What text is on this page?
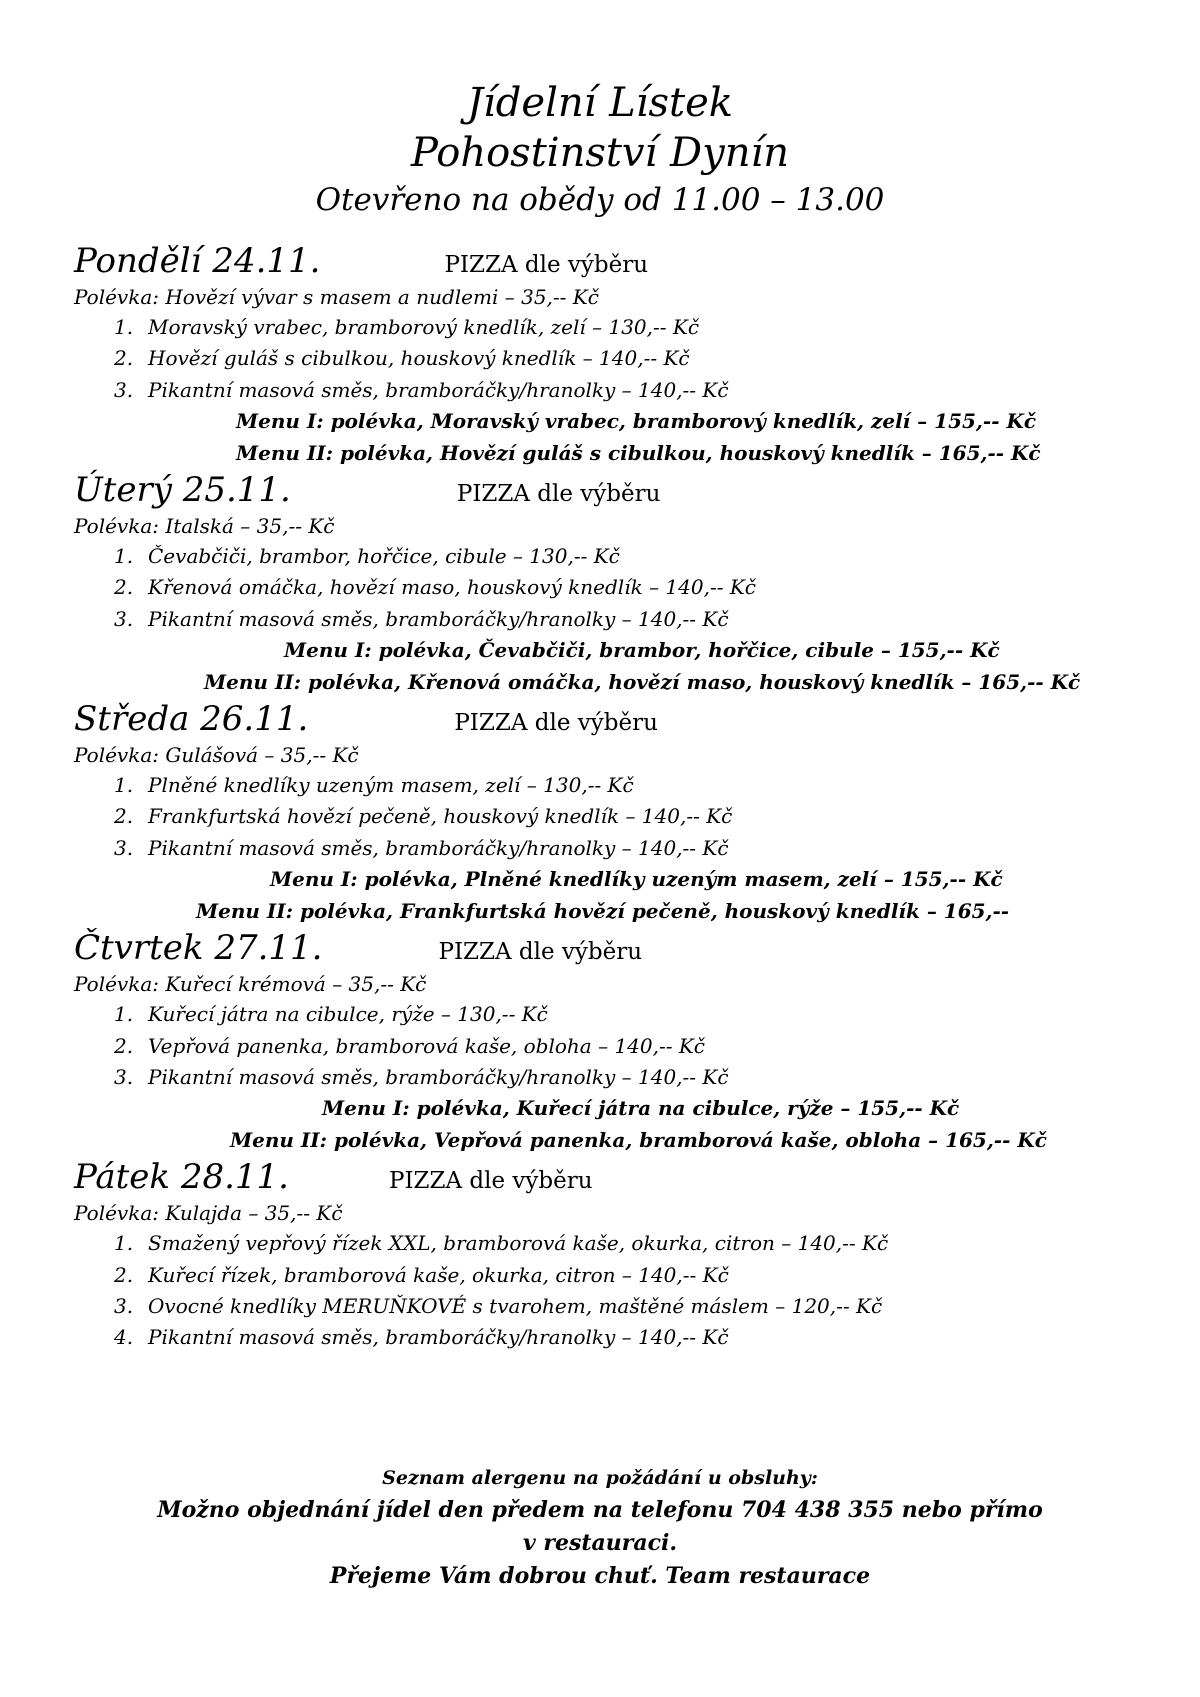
Jídelní Lístek
Pohostinství Dynín
Otevřeno na obědy od 11.00 – 13.00
Pondělí 24.11.	PIZZA dle výběru
Polévka: Hovězí vývar s masem a nudlemi – 35,-- Kč
1. Moravský vrabec, bramborový knedlík, zelí – 130,-- Kč
2. Hovězí guláš s cibulkou, houskový knedlík – 140,-- Kč
3. Pikantní masová směs, bramboráčky/hranolky – 140,-- Kč
Menu I: polévka, Moravský vrabec, bramborový knedlík, zelí – 155,-- Kč
Menu II: polévka, Hovězí guláš s cibulkou, houskový knedlík – 165,-- Kč
Úterý 25.11.	PIZZA dle výběru
Polévka: Italská – 35,-- Kč
1. Čevabčiči, brambor, hořčice, cibule – 130,-- Kč
2. Křenová omáčka, hovězí maso, houskový knedlík – 140,-- Kč
3. Pikantní masová směs, bramboráčky/hranolky – 140,-- Kč
Menu I: polévka, Čevabčiči, brambor, hořčice, cibule – 155,-- Kč
Menu II: polévka, Křenová omáčka, hovězí maso, houskový knedlík – 165,-- Kč
Středa 26.11.	PIZZA dle výběru
Polévka: Gulášová – 35,-- Kč
1. Plněné knedlíky uzeným masem, zelí – 130,-- Kč
2. Frankfurtská hovězí pečeně, houskový knedlík – 140,-- Kč
3. Pikantní masová směs, bramboráčky/hranolky – 140,-- Kč
Menu I: polévka, Plněné knedlíky uzeným masem, zelí – 155,-- Kč
Menu II: polévka, Frankfurtská hovězí pečeně, houskový knedlík – 165,--
Čtvrtek 27.11.	PIZZA dle výběru
Polévka: Kuřecí krémová – 35,-- Kč
1. Kuřecí játra na cibulce, rýže – 130,-- Kč
2. Vepřová panenka, bramborová kaše, obloha – 140,-- Kč
3. Pikantní masová směs, bramboráčky/hranolky – 140,-- Kč
Menu I: polévka, Kuřecí játra na cibulce, rýže – 155,-- Kč
Menu II: polévka, Vepřová panenka, bramborová kaše, obloha – 165,-- Kč
Pátek 28.11.	PIZZA dle výběru
Polévka: Kulajda – 35,-- Kč
1. Smažený vepřový řízek XXL, bramborová kaše, okurka, citron – 140,-- Kč
2. Kuřecí řízek, bramborová kaše, okurka, citron – 140,-- Kč
3. Ovocné knedlíky MERUŇKOVÉ s tvarohem, maštěné máslem – 120,-- Kč
4. Pikantní masová směs, bramboráčky/hranolky – 140,-- Kč
Seznam alergenu na požádání u obsluhy:
Možno objednání jídel den předem na telefonu 704 438 355 nebo přímo v restauraci.
Přejeme Vám dobrou chuť. Team restaurace
